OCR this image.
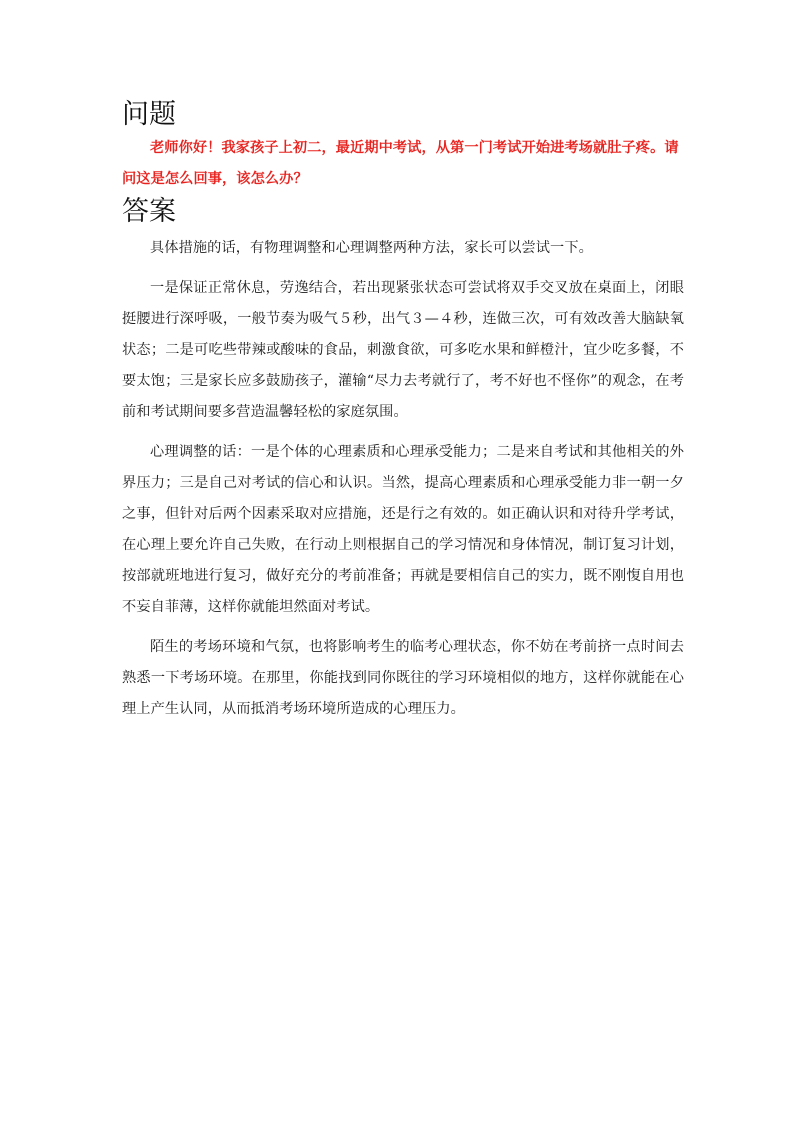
问题

老师你好！我家孩子上初二，最近期中考试，从第一门考试开始进考场就肚子疼。请问这是怎么回事，该怎么办？

答案

具体措施的话，有物理调整和心理调整两种方法，家长可以尝试一下。

一是保证正常休息，劳逸结合，若出现紧张状态可尝试将双手交叉放在桌面上，闭眼挺腰进行深呼吸，一般节奏为吸气５秒，出气３—４秒，连做三次，可有效改善大脑缺氧状态；二是可吃些带辣或酸味的食品，刺激食欲，可多吃水果和鲜橙汁，宜少吃多餐，不要太饱；三是家长应多鼓励孩子，灌输“尽力去考就行了，考不好也不怪你”的观念，在考前和考试期间要多营造温馨轻松的家庭氛围。

心理调整的话：一是个体的心理素质和心理承受能力；二是来自考试和其他相关的外界压力；三是自己对考试的信心和认识。当然，提高心理素质和心理承受能力非一朝一夕之事，但针对后两个因素采取对应措施，还是行之有效的。如正确认识和对待升学考试，在心理上要允许自己失败，在行动上则根据自己的学习情况和身体情况，制订复习计划，按部就班地进行复习，做好充分的考前准备；再就是要相信自己的实力，既不刚愎自用也不妄自菲薄，这样你就能坦然面对考试。

陌生的考场环境和气氛，也将影响考生的临考心理状态，你不妨在考前挤一点时间去熟悉一下考场环境。在那里，你能找到同你既往的学习环境相似的地方，这样你就能在心理上产生认同，从而抵消考场环境所造成的心理压力。
